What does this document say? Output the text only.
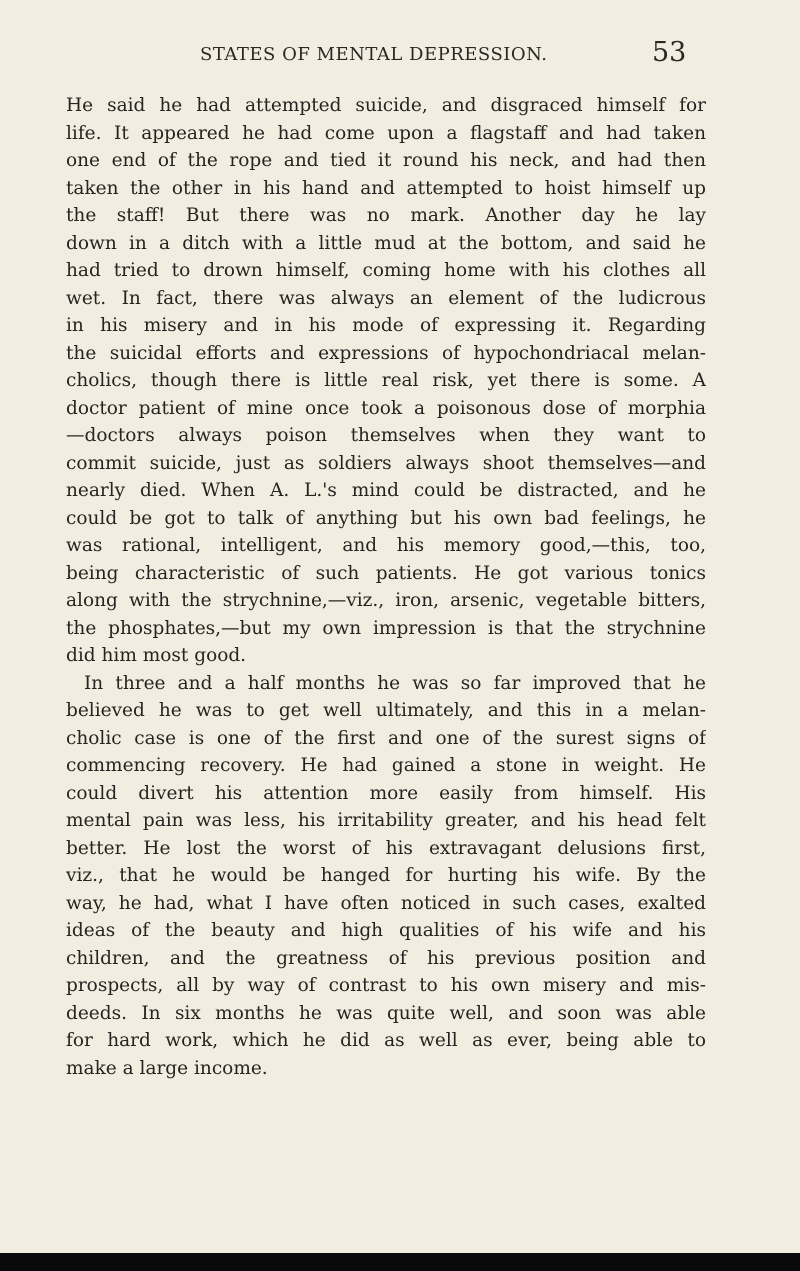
STATES OF MENTAL DEPRESSION.	53
He said he had attempted suicide, and disgraced himself for
life. It appeared he had come upon a flagstaff and had taken
one end of the rope and tied it round his neck, and had then
taken the other in his hand and attempted to hoist himself up
the staff! But there was no mark. Another day he lay
down in a ditch with a little mud at the bottom, and said he
had tried to drown himself, coming home with his clothes all
wet. In fact, there was always an element of the ludicrous
in his misery and in his mode of expressing it. Regarding
the suicidal efforts and expressions of hypochondriacal melan-
cholics, though there is little real risk, yet there is some. A
doctor patient of mine once took a poisonous dose of morphia
—doctors always poison themselves when they want to
commit suicide, just as soldiers always shoot themselves—and
nearly died. When A. L.'s mind could be distracted, and he
could be got to talk of anything but his own bad feelings, he
was rational, intelligent, and his memory good,—this, too,
being characteristic of such patients. He got various tonics
along with the strychnine,—viz., iron, arsenic, vegetable bitters,
the phosphates,—but my own impression is that the strychnine
did him most good.
In three and a half months he was so far improved that he
believed he was to get well ultimately, and this in a melan-
cholic case is one of the first and one of the surest signs of
commencing recovery. He had gained a stone in weight. He
could divert his attention more easily from himself. His
mental pain was less, his irritability greater, and his head felt
better. He lost the worst of his extravagant delusions first,
viz., that he would be hanged for hurting his wife. By the
way, he had, what I have often noticed in such cases, exalted
ideas of the beauty and high qualities of his wife and his
children, and the greatness of his previous position and
prospects, all by way of contrast to his own misery and mis-
deeds. In six months he was quite well, and soon was able
for hard work, which he did as well as ever, being able to
make a large income.
